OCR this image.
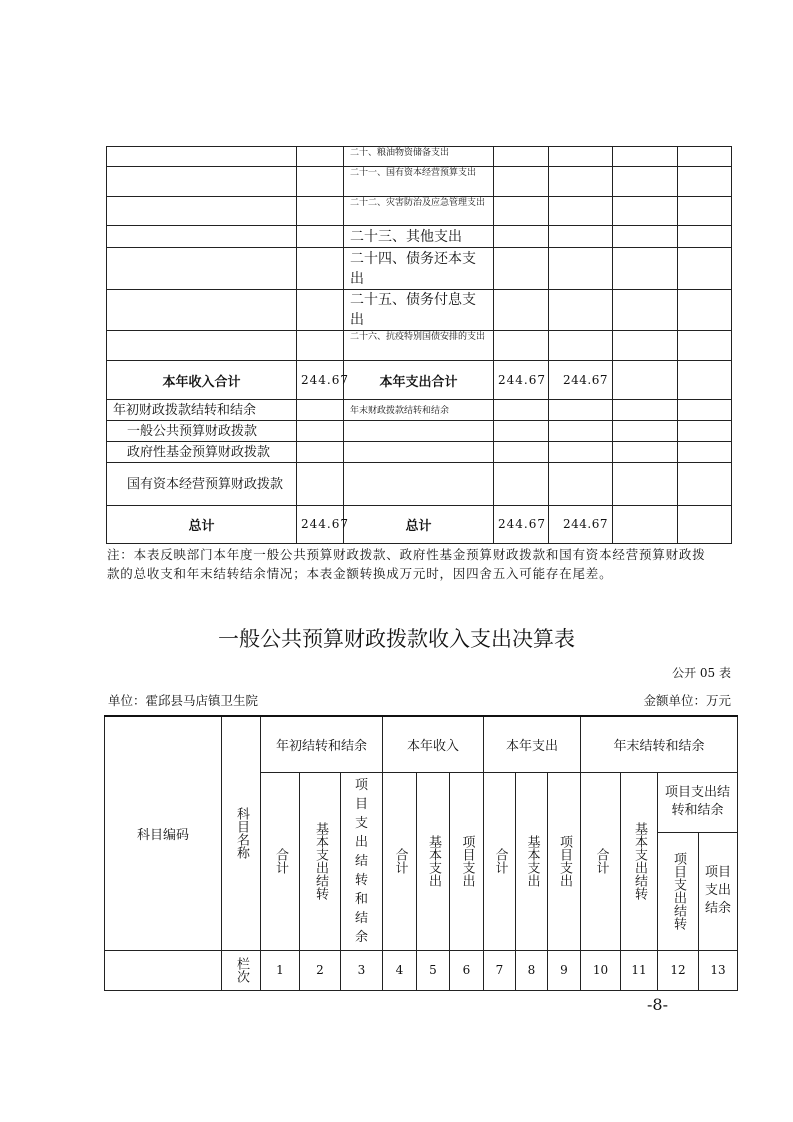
		二十、粮油物资储备支出				
		二十一、国有资本经营预算支出				
		二十二、灾害防治及应急管理支出				
		二十三、其他支出				
		二十四、债务还本支出				
		二十五、债务付息支出				
		二十六、抗疫特别国债安排的支出				
本年收入合计	244.67	本年支出合计	244.67	244.67		
年初财政拨款结转和结余		年末财政拨款结转和结余				
一般公共预算财政拨款						
政府性基金预算财政拨款						
国有资本经营预算财政拨款						
总计	244.67	总计	244.67	244.67		
注：本表反映部门本年度一般公共预算财政拨款、政府性基金预算财政拨款和国有资本经营预算财政拨款的总收支和年末结转结余情况；本表金额转换成万元时，因四舍五入可能存在尾差。
一般公共预算财政拨款收入支出决算表
公开 05 表
单位：霍邱县马店镇卫生院	金额单位：万元
科目编码	科目名称	年初结转和结余			本年收入			本年支出			年末结转和结余			

		合计	基本支出结转	项目支出结转和结余	合计	基本支出	项目支出	合计	基本支出	项目支出	合计	基本支出结转	项目支出结转和结余	

													项目支出结转	项目支出结余

	栏次	1	2	3	4	5	6	7	8	9	10	11	12	13
-8-
